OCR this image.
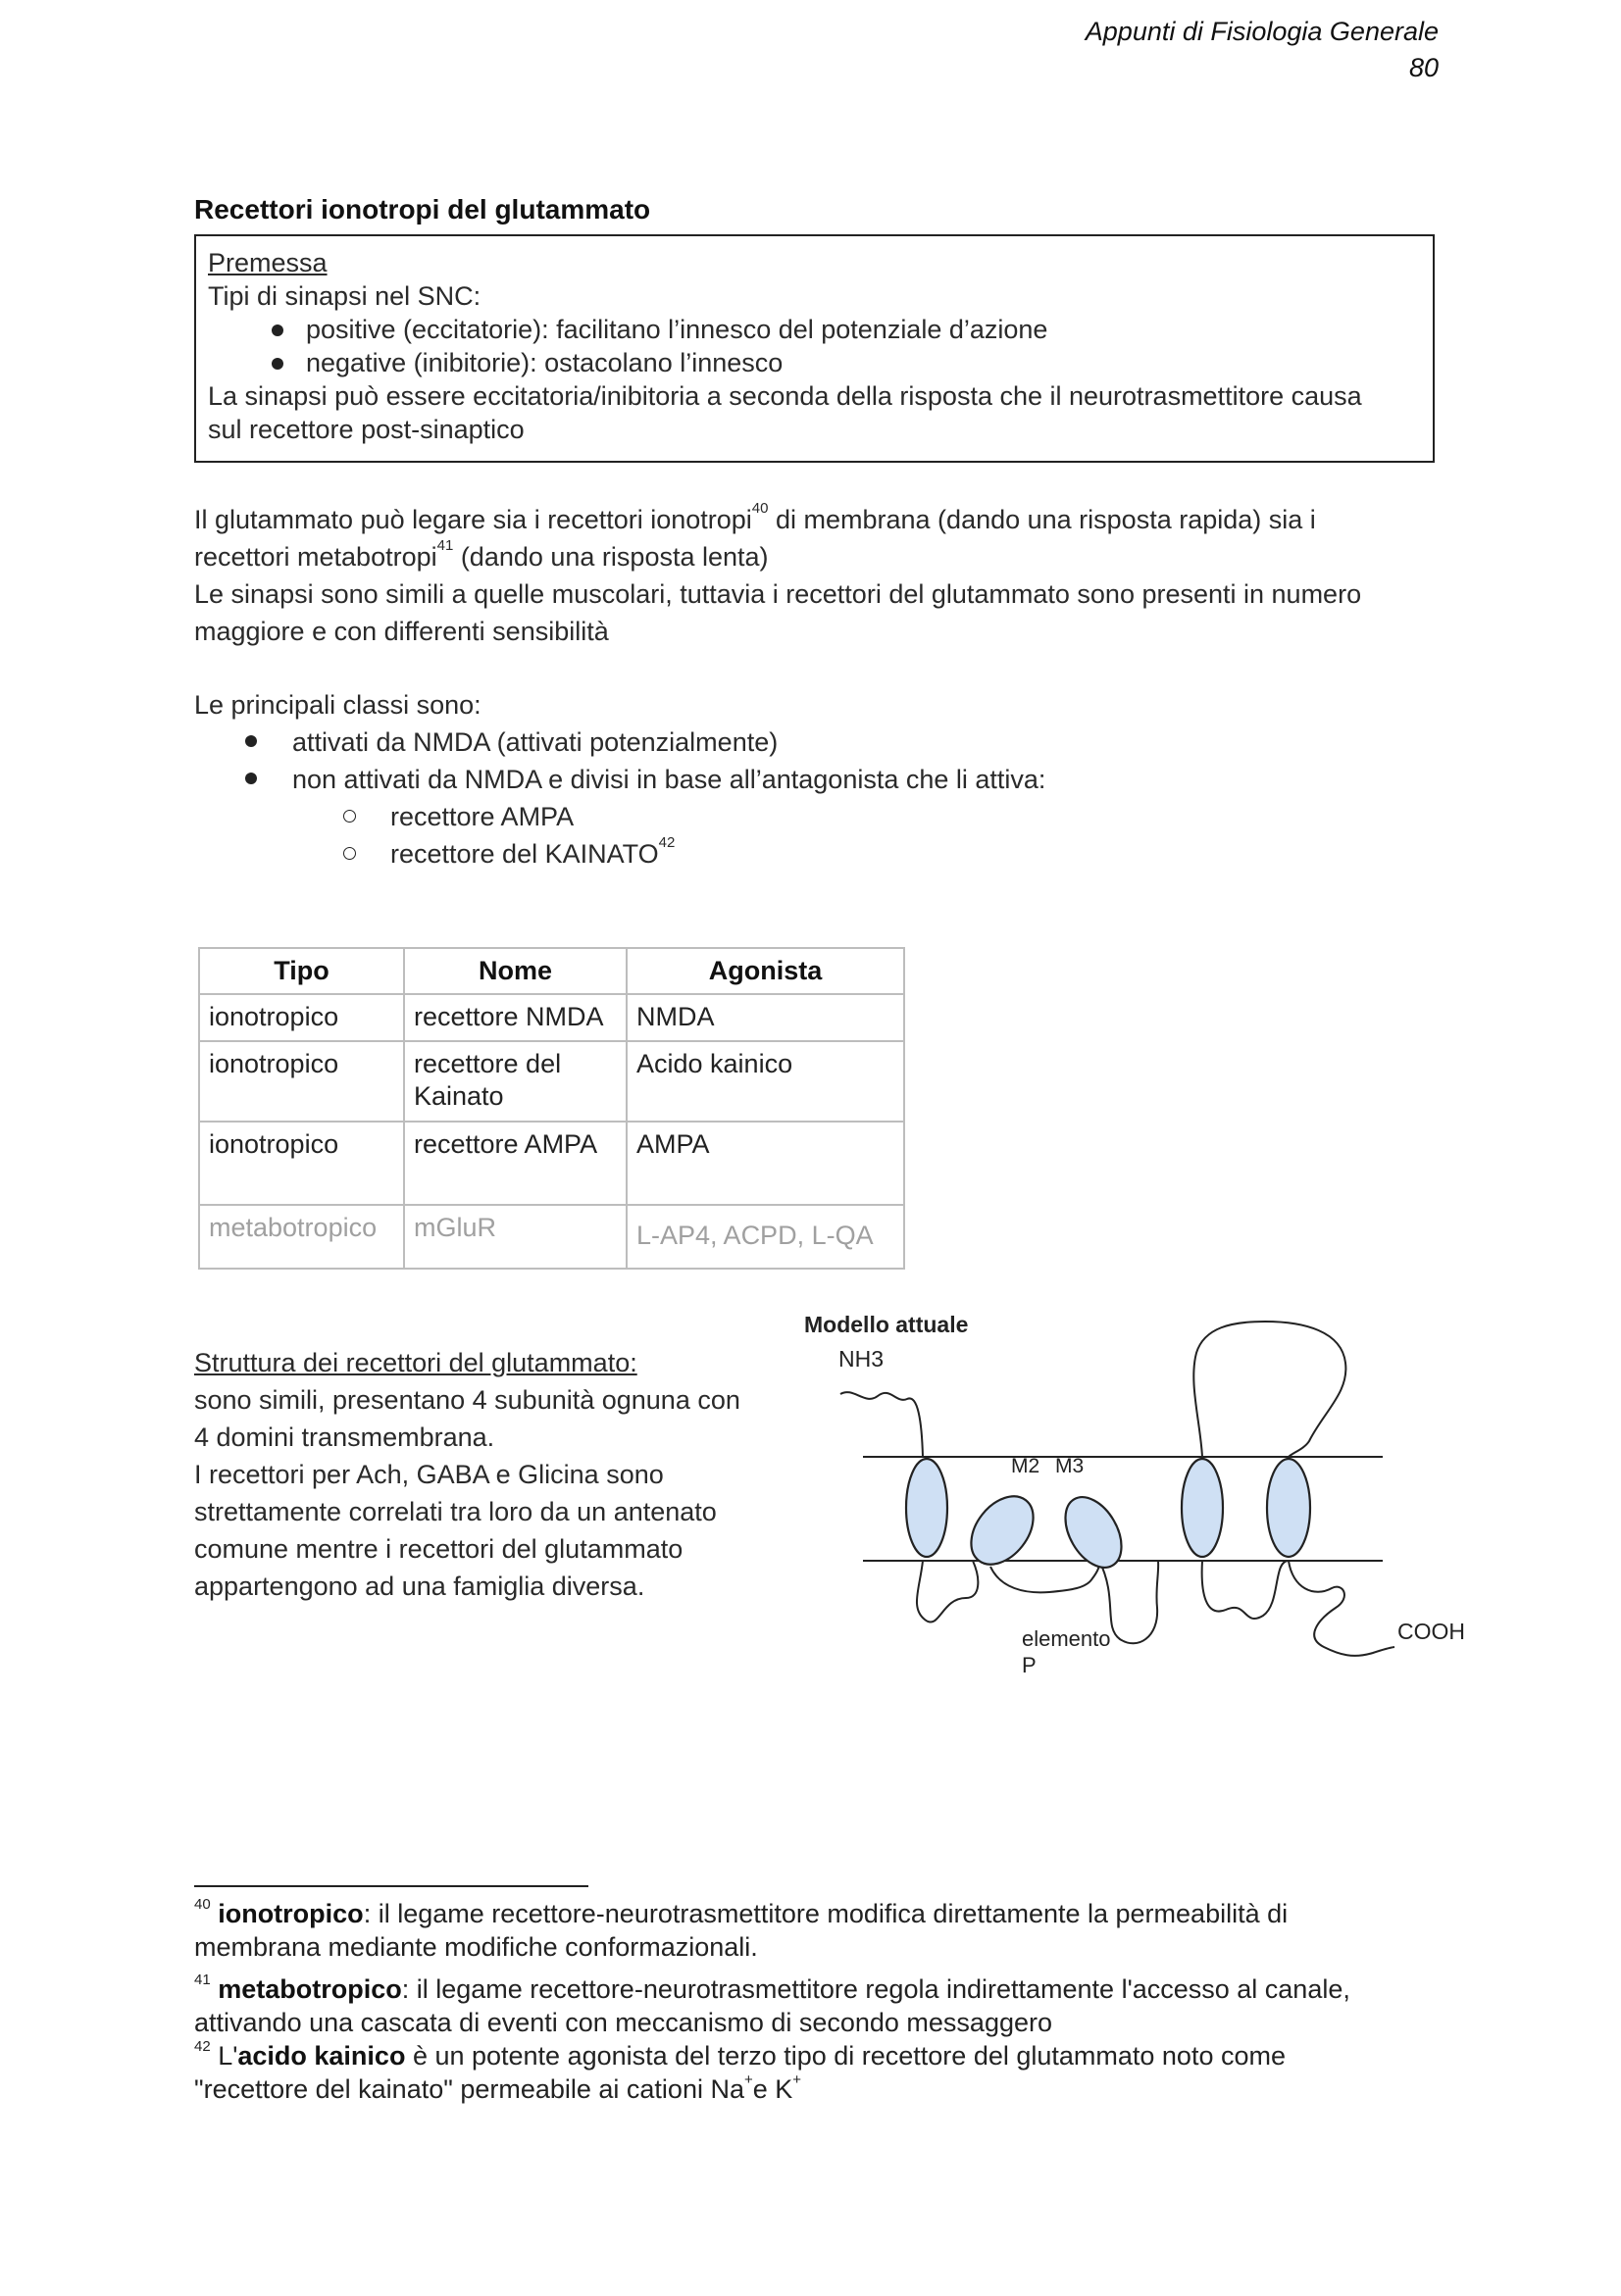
Appunti di Fisiologia Generale
80
Recettori ionotropi del glutammato
Premessa
Tipi di sinapsi nel SNC:
positive (eccitatorie): facilitano l’innesco del potenziale d’azione
negative (inibitorie): ostacolano l’innesco
La sinapsi può essere eccitatoria/inibitoria a seconda della risposta che il neurotrasmettitore causa
sul recettore post-sinaptico
Il glutammato può legare sia i recettori ionotropi$^{40}$ di membrana (dando una risposta rapida) sia i
recettori metabotropi$^{41}$ (dando una risposta lenta)
Le sinapsi sono simili a quelle muscolari, tuttavia i recettori del glutammato sono presenti in numero
maggiore e con differenti sensibilità
Le principali classi sono:
attivati da NMDA (attivati potenzialmente)
non attivati da NMDA e divisi in base all’antagonista che li attiva:
recettore AMPA
recettore del KAINATO$^{42}$
Tipo	Nome	Agonista
ionotropico	recettore NMDA	NMDA
ionotropico	recettore del Kainato	Acido kainico
ionotropico	recettore AMPA	AMPA
metabotropico	mGluR	L-AP4, ACPD, L-QA
Struttura dei recettori del glutammato:
sono simili, presentano 4 subunità ognuna con
4 domini transmembrana.
I recettori per Ach, GABA e Glicina sono
strettamente correlati tra loro da un antenato
comune mentre i recettori del glutammato
appartengono ad una famiglia diversa.
Modello attuale
NH3
M2 M3
elemento
P
COOH
$^{40}$ ionotropico: il legame recettore-neurotrasmettitore modifica direttamente la permeabilità di
membrana mediante modifiche conformazionali.
$^{41}$ metabotropico: il legame recettore-neurotrasmettitore regola indirettamente l'accesso al canale,
attivando una cascata di eventi con meccanismo di secondo messaggero
$^{42}$ L'acido kainico è un potente agonista del terzo tipo di recettore del glutammato noto come
"recettore del kainato" permeabile ai cationi Na+e K+
